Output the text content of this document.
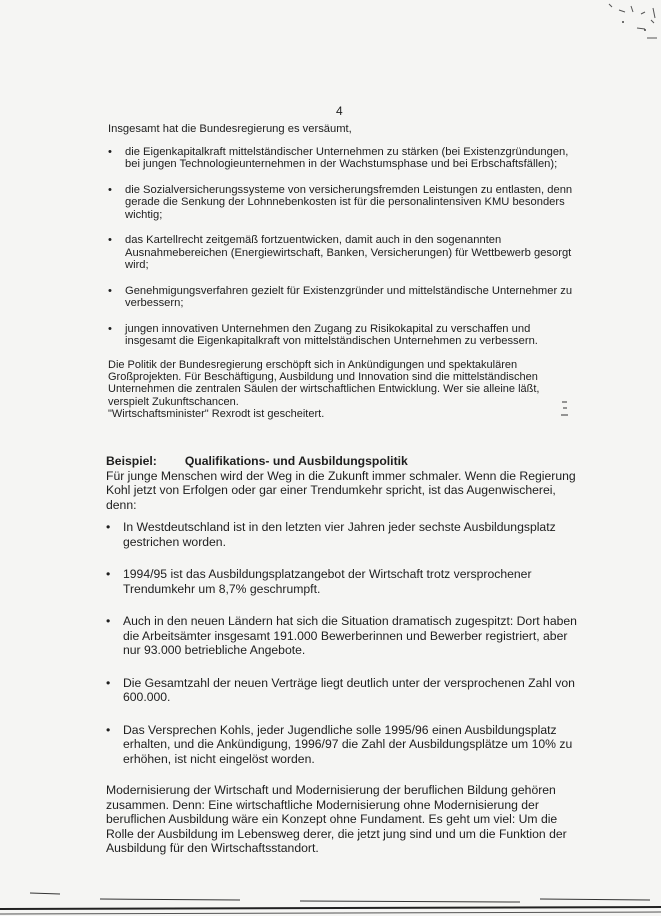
4

Insgesamt hat die Bundesregierung es versäumt,

• die Eigenkapitalkraft mittelständischer Unternehmen zu stärken (bei Existenzgründungen, bei jungen Technologieunternehmen in der Wachstumsphase und bei Erbschaftsfällen);
• die Sozialversicherungssysteme von versicherungsfremden Leistungen zu entlasten, denn gerade die Senkung der Lohnnebenkosten ist für die personalintensiven KMU besonders wichtig;
• das Kartellrecht zeitgemäß fortzuentwicken, damit auch in den sogenannten Ausnahmebereichen (Energiewirtschaft, Banken, Versicherungen) für Wettbewerb gesorgt wird;
• Genehmigungsverfahren gezielt für Existenzgründer und mittelständische Unternehmer zu verbessern;
• jungen innovativen Unternehmen den Zugang zu Risikokapital zu verschaffen und insgesamt die Eigenkapitalkraft von mittelständischen Unternehmen zu verbessern.

Die Politik der Bundesregierung erschöpft sich in Ankündigungen und spektakulären Großprojekten. Für Beschäftigung, Ausbildung und Innovation sind die mittelständischen Unternehmen die zentralen Säulen der wirtschaftlichen Entwicklung. Wer sie alleine läßt, verspielt Zukunftschancen.
"Wirtschaftsminister" Rexrodt ist gescheitert.

Beispiel: Qualifikations- und Ausbildungspolitik

Für junge Menschen wird der Weg in die Zukunft immer schmaler. Wenn die Regierung Kohl jetzt von Erfolgen oder gar einer Trendumkehr spricht, ist das Augenwischerei, denn:

• In Westdeutschland ist in den letzten vier Jahren jeder sechste Ausbildungsplatz gestrichen worden.
• 1994/95 ist das Ausbildungsplatzangebot der Wirtschaft trotz versprochener Trendumkehr um 8,7% geschrumpft.
• Auch in den neuen Ländern hat sich die Situation dramatisch zugespitzt: Dort haben die Arbeitsämter insgesamt 191.000 Bewerberinnen und Bewerber registriert, aber nur 93.000 betriebliche Angebote.
• Die Gesamtzahl der neuen Verträge liegt deutlich unter der versprochenen Zahl von 600.000.
• Das Versprechen Kohls, jeder Jugendliche solle 1995/96 einen Ausbildungsplatz erhalten, und die Ankündigung, 1996/97 die Zahl der Ausbildungsplätze um 10% zu erhöhen, ist nicht eingelöst worden.

Modernisierung der Wirtschaft und Modernisierung der beruflichen Bildung gehören zusammen. Denn: Eine wirtschaftliche Modernisierung ohne Modernisierung der beruflichen Ausbildung wäre ein Konzept ohne Fundament. Es geht um viel: Um die Rolle der Ausbildung im Lebensweg derer, die jetzt jung sind und um die Funktion der Ausbildung für den Wirtschaftsstandort.
